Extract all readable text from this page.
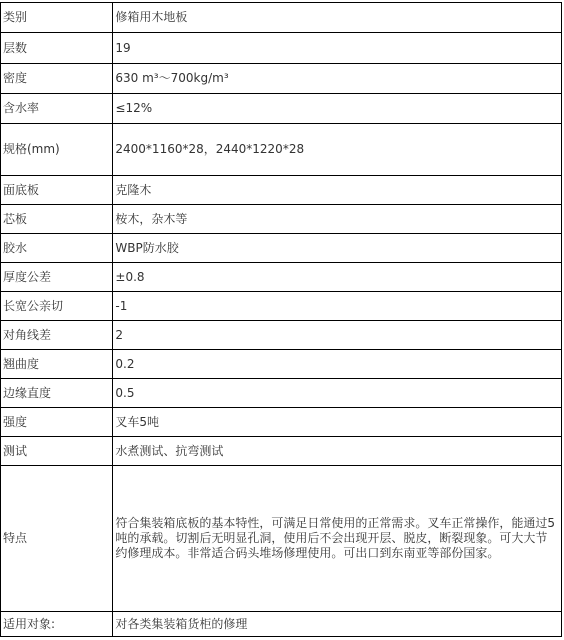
类别	修箱用木地板
层数	19
密度	630 m³～700kg/m³
含水率	≤12%
规格(mm)	2400*1160*28，2440*1220*28
面底板	克隆木
芯板	桉木，杂木等
胶水	WBP防水胶
厚度公差	±0.8
长宽公亲切	-1
对角线差	2
翘曲度	0.2
边缘直度	0.5
强度	叉车5吨
测试	水煮测试、抗弯测试
特点	符合集装箱底板的基本特性，可满足日常使用的正常需求。叉车正常操作，能通过5吨的承载。切割后无明显孔洞，使用后不会出现开层、脱皮，断裂现象。可大大节约修理成本。非常适合码头堆场修理使用。可出口到东南亚等部份国家。
适用对象:	对各类集装箱货柜的修理
